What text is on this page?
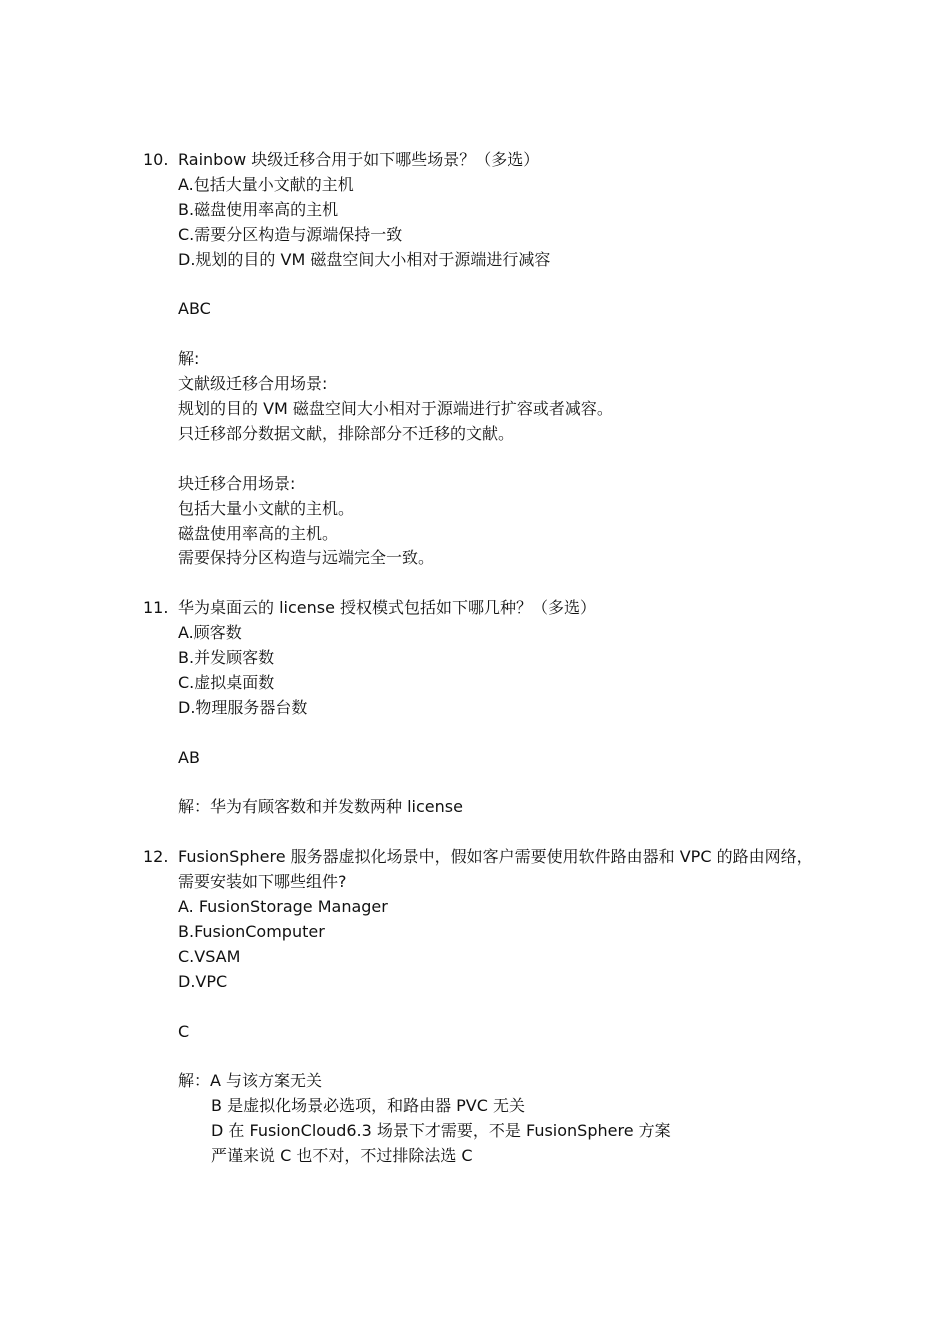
10. Rainbow 块级迁移合用于如下哪些场景？（多选）
A.包括大量小文献的主机
B.磁盘使用率高的主机
C.需要分区构造与源端保持一致
D.规划的目的 VM 磁盘空间大小相对于源端进行减容
ABC
解:
文献级迁移合用场景:
规划的目的 VM 磁盘空间大小相对于源端进行扩容或者减容。
只迁移部分数据文献，排除部分不迁移的文献。
块迁移合用场景:
包括大量小文献的主机。
磁盘使用率高的主机。
需要保持分区构造与远端完全一致。
11. 华为桌面云的 license 授权模式包括如下哪几种？（多选）
A.顾客数
B.并发顾客数
C.虚拟桌面数
D.物理服务器台数
AB
解：华为有顾客数和并发数两种 license
12. FusionSphere 服务器虚拟化场景中，假如客户需要使用软件路由器和 VPC 的路由网络，需要安装如下哪些组件?
A. FusionStorage Manager
B.FusionComputer
C.VSAM
D.VPC
C
解：A 与该方案无关
B 是虚拟化场景必选项，和路由器 PVC 无关
D 在 FusionCloud6.3 场景下才需要，不是 FusionSphere 方案
严谨来说 C 也不对，不过排除法选 C
